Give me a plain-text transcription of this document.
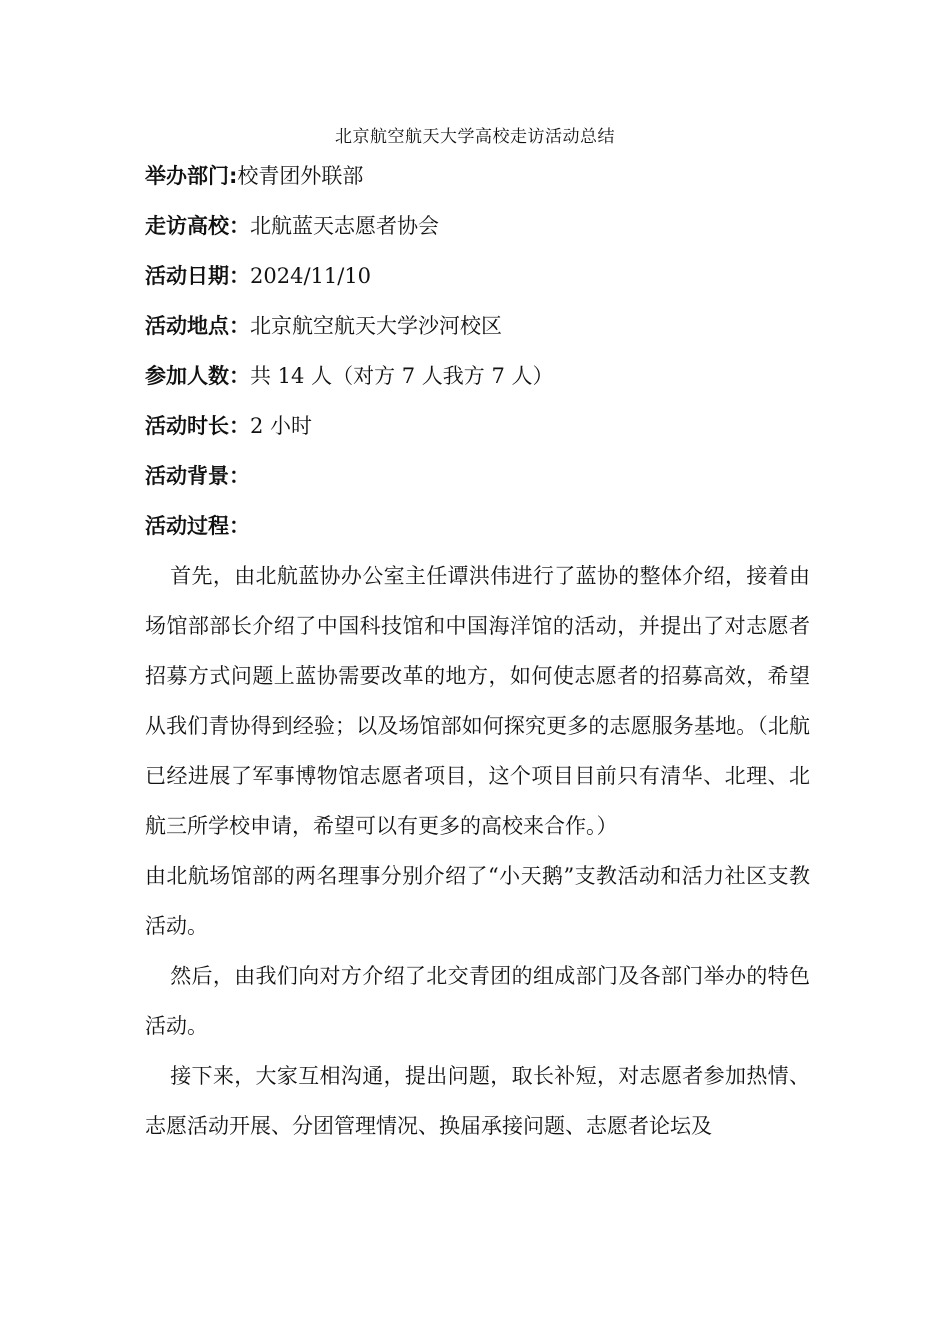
北京航空航天大学高校走访活动总结

举办部门:校青团外联部

走访高校：北航蓝天志愿者协会

活动日期：2024/11/10

活动地点：北京航空航天大学沙河校区

参加人数：共 14 人（对方 7 人我方 7 人）

活动时长：2 小时

活动背景：

活动过程：

首先，由北航蓝协办公室主任谭洪伟进行了蓝协的整体介绍，接着由场馆部部长介绍了中国科技馆和中国海洋馆的活动，并提出了对志愿者招募方式问题上蓝协需要改革的地方，如何使志愿者的招募高效，希望从我们青协得到经验；以及场馆部如何探究更多的志愿服务基地。（北航已经进展了军事博物馆志愿者项目，这个项目目前只有清华、北理、北航三所学校申请，希望可以有更多的高校来合作。）

由北航场馆部的两名理事分别介绍了“小天鹅”支教活动和活力社区支教活动。

然后，由我们向对方介绍了北交青团的组成部门及各部门举办的特色活动。

接下来，大家互相沟通，提出问题，取长补短，对志愿者参加热情、志愿活动开展、分团管理情况、换届承接问题、志愿者论坛及
